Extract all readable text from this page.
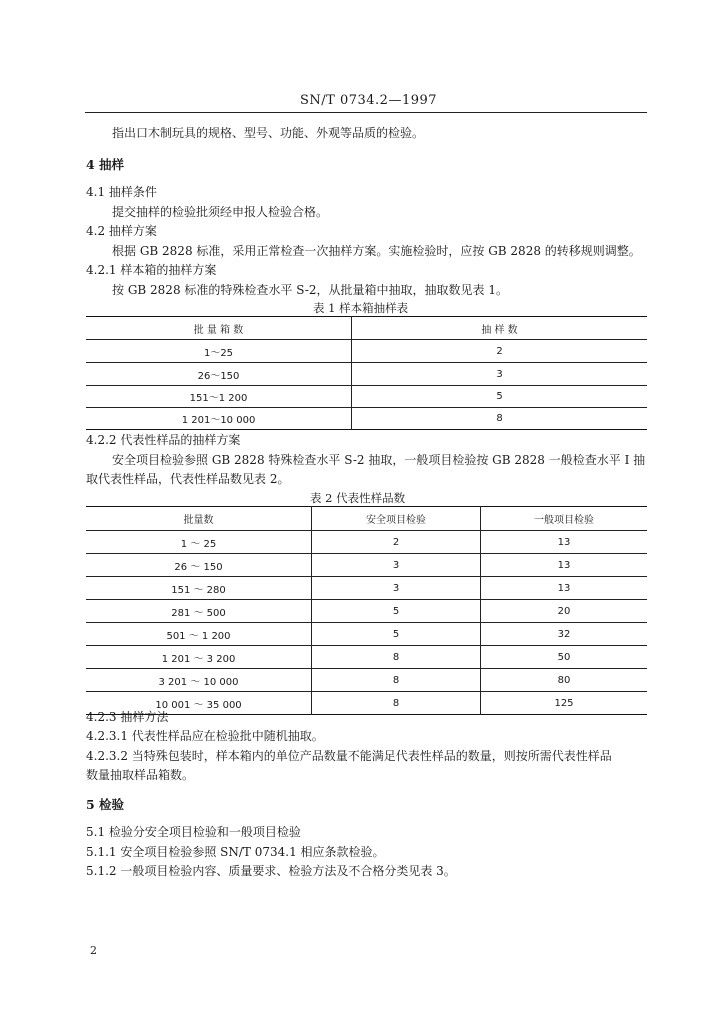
SN/T 0734.2—1997
指出口木制玩具的规格、型号、功能、外观等品质的检验。
4 抽样
4.1 抽样条件
提交抽样的检验批须经申报人检验合格。
4.2 抽样方案
根据 GB 2828 标准，采用正常检查一次抽样方案。实施检验时，应按 GB 2828 的转移规则调整。
4.2.1 样本箱的抽样方案
按 GB 2828 标准的特殊检查水平 S-2，从批量箱中抽取，抽取数见表 1。
表 1 样本箱抽样表
批 量 箱 数	抽 样 数
1～25	2
26～150	3
151～1 200	5
1 201～10 000	8
4.2.2 代表性样品的抽样方案
安全项目检验参照 GB 2828 特殊检查水平 S-2 抽取，一般项目检验按 GB 2828 一般检查水平 Ⅰ 抽
取代表性样品，代表性样品数见表 2。
表 2 代表性样品数
批量数	安全项目检验	一般项目检验
1 ～ 25	2	13
26 ～ 150	3	13
151 ～ 280	3	13
281 ～ 500	5	20
501 ～ 1 200	5	32
1 201 ～ 3 200	8	50
3 201 ～ 10 000	8	80
10 001 ～ 35 000	8	125
4.2.3 抽样方法
4.2.3.1 代表性样品应在检验批中随机抽取。
4.2.3.2 当特殊包装时，样本箱内的单位产品数量不能满足代表性样品的数量，则按所需代表性样品
数量抽取样品箱数。
5 检验
5.1 检验分安全项目检验和一般项目检验
5.1.1 安全项目检验参照 SN/T 0734.1 相应条款检验。
5.1.2 一般项目检验内容、质量要求、检验方法及不合格分类见表 3。
2
